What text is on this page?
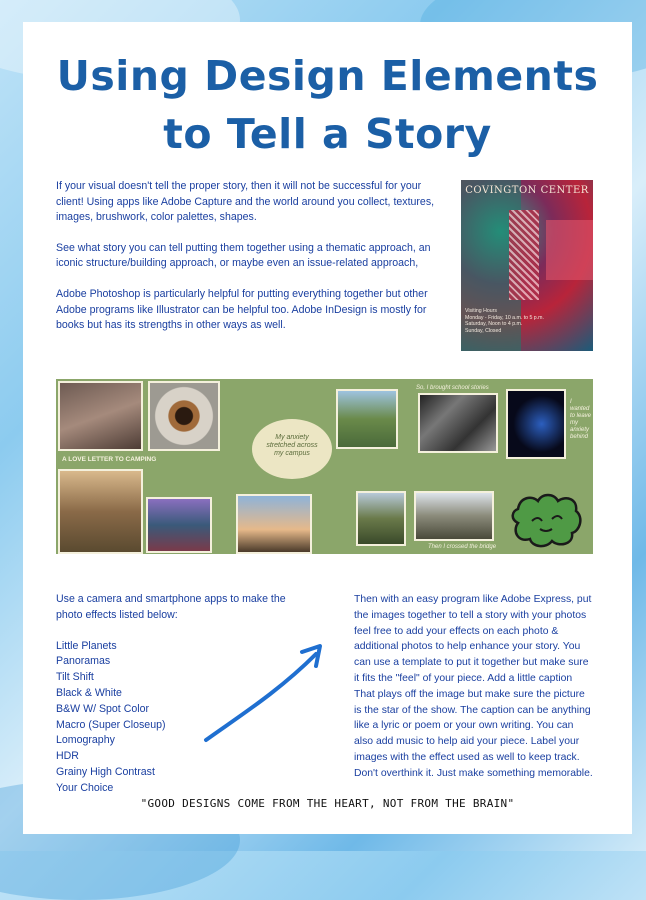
Using Design Elements
to Tell a Story

If your visual doesn't tell the proper story, then it will not be successful for your client! Using apps like Adobe Capture and the world around you collect, textures, images, brushwork, color palettes, shapes.

See what story you can tell putting them together using a thematic approach, an iconic structure/building approach, or maybe even an issue-related approach,

Adobe Photoshop is particularly helpful for putting everything together but other Adobe programs like Illustrator can be helpful too. Adobe InDesign is mostly for books but has its strengths in other ways as well.

COVINGTON CENTER
Visiting Hours
Monday - Friday, 10 a.m. to 5 p.m.
Saturday, Noon to 4 p.m.
Sunday, Closed
A LOVE LETTER TO CAMPING
My anxiety stretched across my campus
So, I brought school stories
I wanted to leave my anxiety behind
Then I crossed the bridge

Use a camera and smartphone apps to make the photo effects listed below:

Little Planets
Panoramas
Tilt Shift
Black & White
B&W W/ Spot Color
Macro (Super Closeup)
Lomography
HDR
Grainy High Contrast
Your Choice
Then with an easy program like Adobe Express, put the images together to tell a story with your photos feel free to add your effects on each photo & additional photos to help enhance your story. You can use a template to put it together but make sure it fits the "feel" of your piece. Add a little caption That plays off the image but make sure the picture is the star of the show. The caption can be anything like a lyric or poem or your own writing. You can also add music to help aid your piece. Label your images with the effect used as well to keep track. Don't overthink it. Just make something memorable.
"GOOD DESIGNS COME FROM THE HEART, NOT FROM THE BRAIN"
